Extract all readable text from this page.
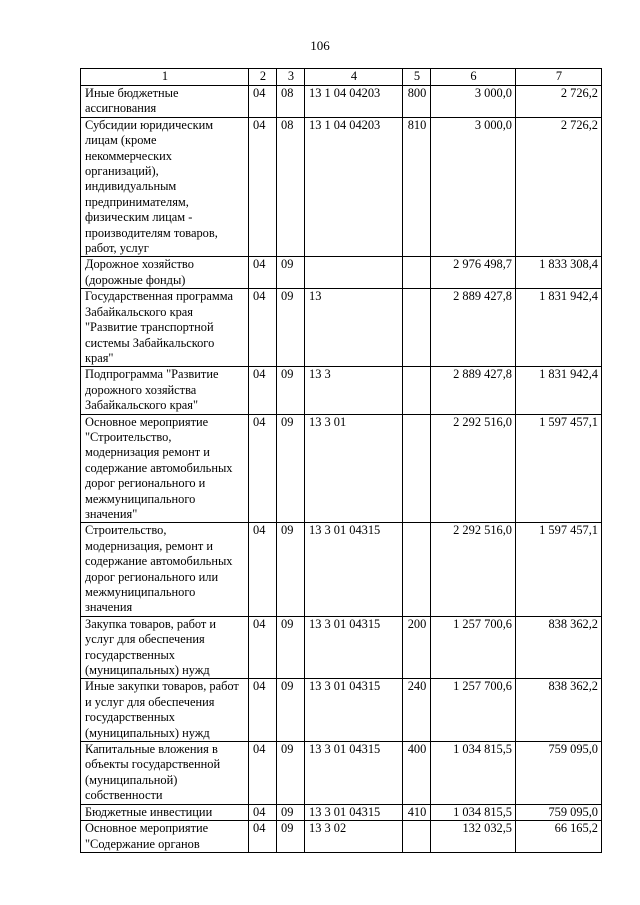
106
1	2	3	4	5	6	7
Иные бюджетные ассигнования	04	08	13 1 04 04203	800	3 000,0	2 726,2
Субсидии юридическим лицам (кроме некоммерческих организаций), индивидуальным предпринимателям, физическим лицам - производителям товаров, работ, услуг	04	08	13 1 04 04203	810	3 000,0	2 726,2
Дорожное хозяйство (дорожные фонды)	04	09			2 976 498,7	1 833 308,4
Государственная программа Забайкальского края "Развитие транспортной системы Забайкальского края"	04	09	13		2 889 427,8	1 831 942,4
Подпрограмма "Развитие дорожного хозяйства Забайкальского края"	04	09	13 3		2 889 427,8	1 831 942,4
Основное мероприятие "Строительство, модернизация ремонт и содержание автомобильных дорог регионального и межмуниципального значения"	04	09	13 3 01		2 292 516,0	1 597 457,1
Строительство, модернизация, ремонт и содержание автомобильных дорог регионального или межмуниципального значения	04	09	13 3 01 04315		2 292 516,0	1 597 457,1
Закупка товаров, работ и услуг для обеспечения государственных (муниципальных) нужд	04	09	13 3 01 04315	200	1 257 700,6	838 362,2
Иные закупки товаров, работ и услуг для обеспечения государственных (муниципальных) нужд	04	09	13 3 01 04315	240	1 257 700,6	838 362,2
Капитальные вложения в объекты государственной (муниципальной) собственности	04	09	13 3 01 04315	400	1 034 815,5	759 095,0
Бюджетные инвестиции	04	09	13 3 01 04315	410	1 034 815,5	759 095,0
Основное мероприятие "Содержание органов	04	09	13 3 02		132 032,5	66 165,2
